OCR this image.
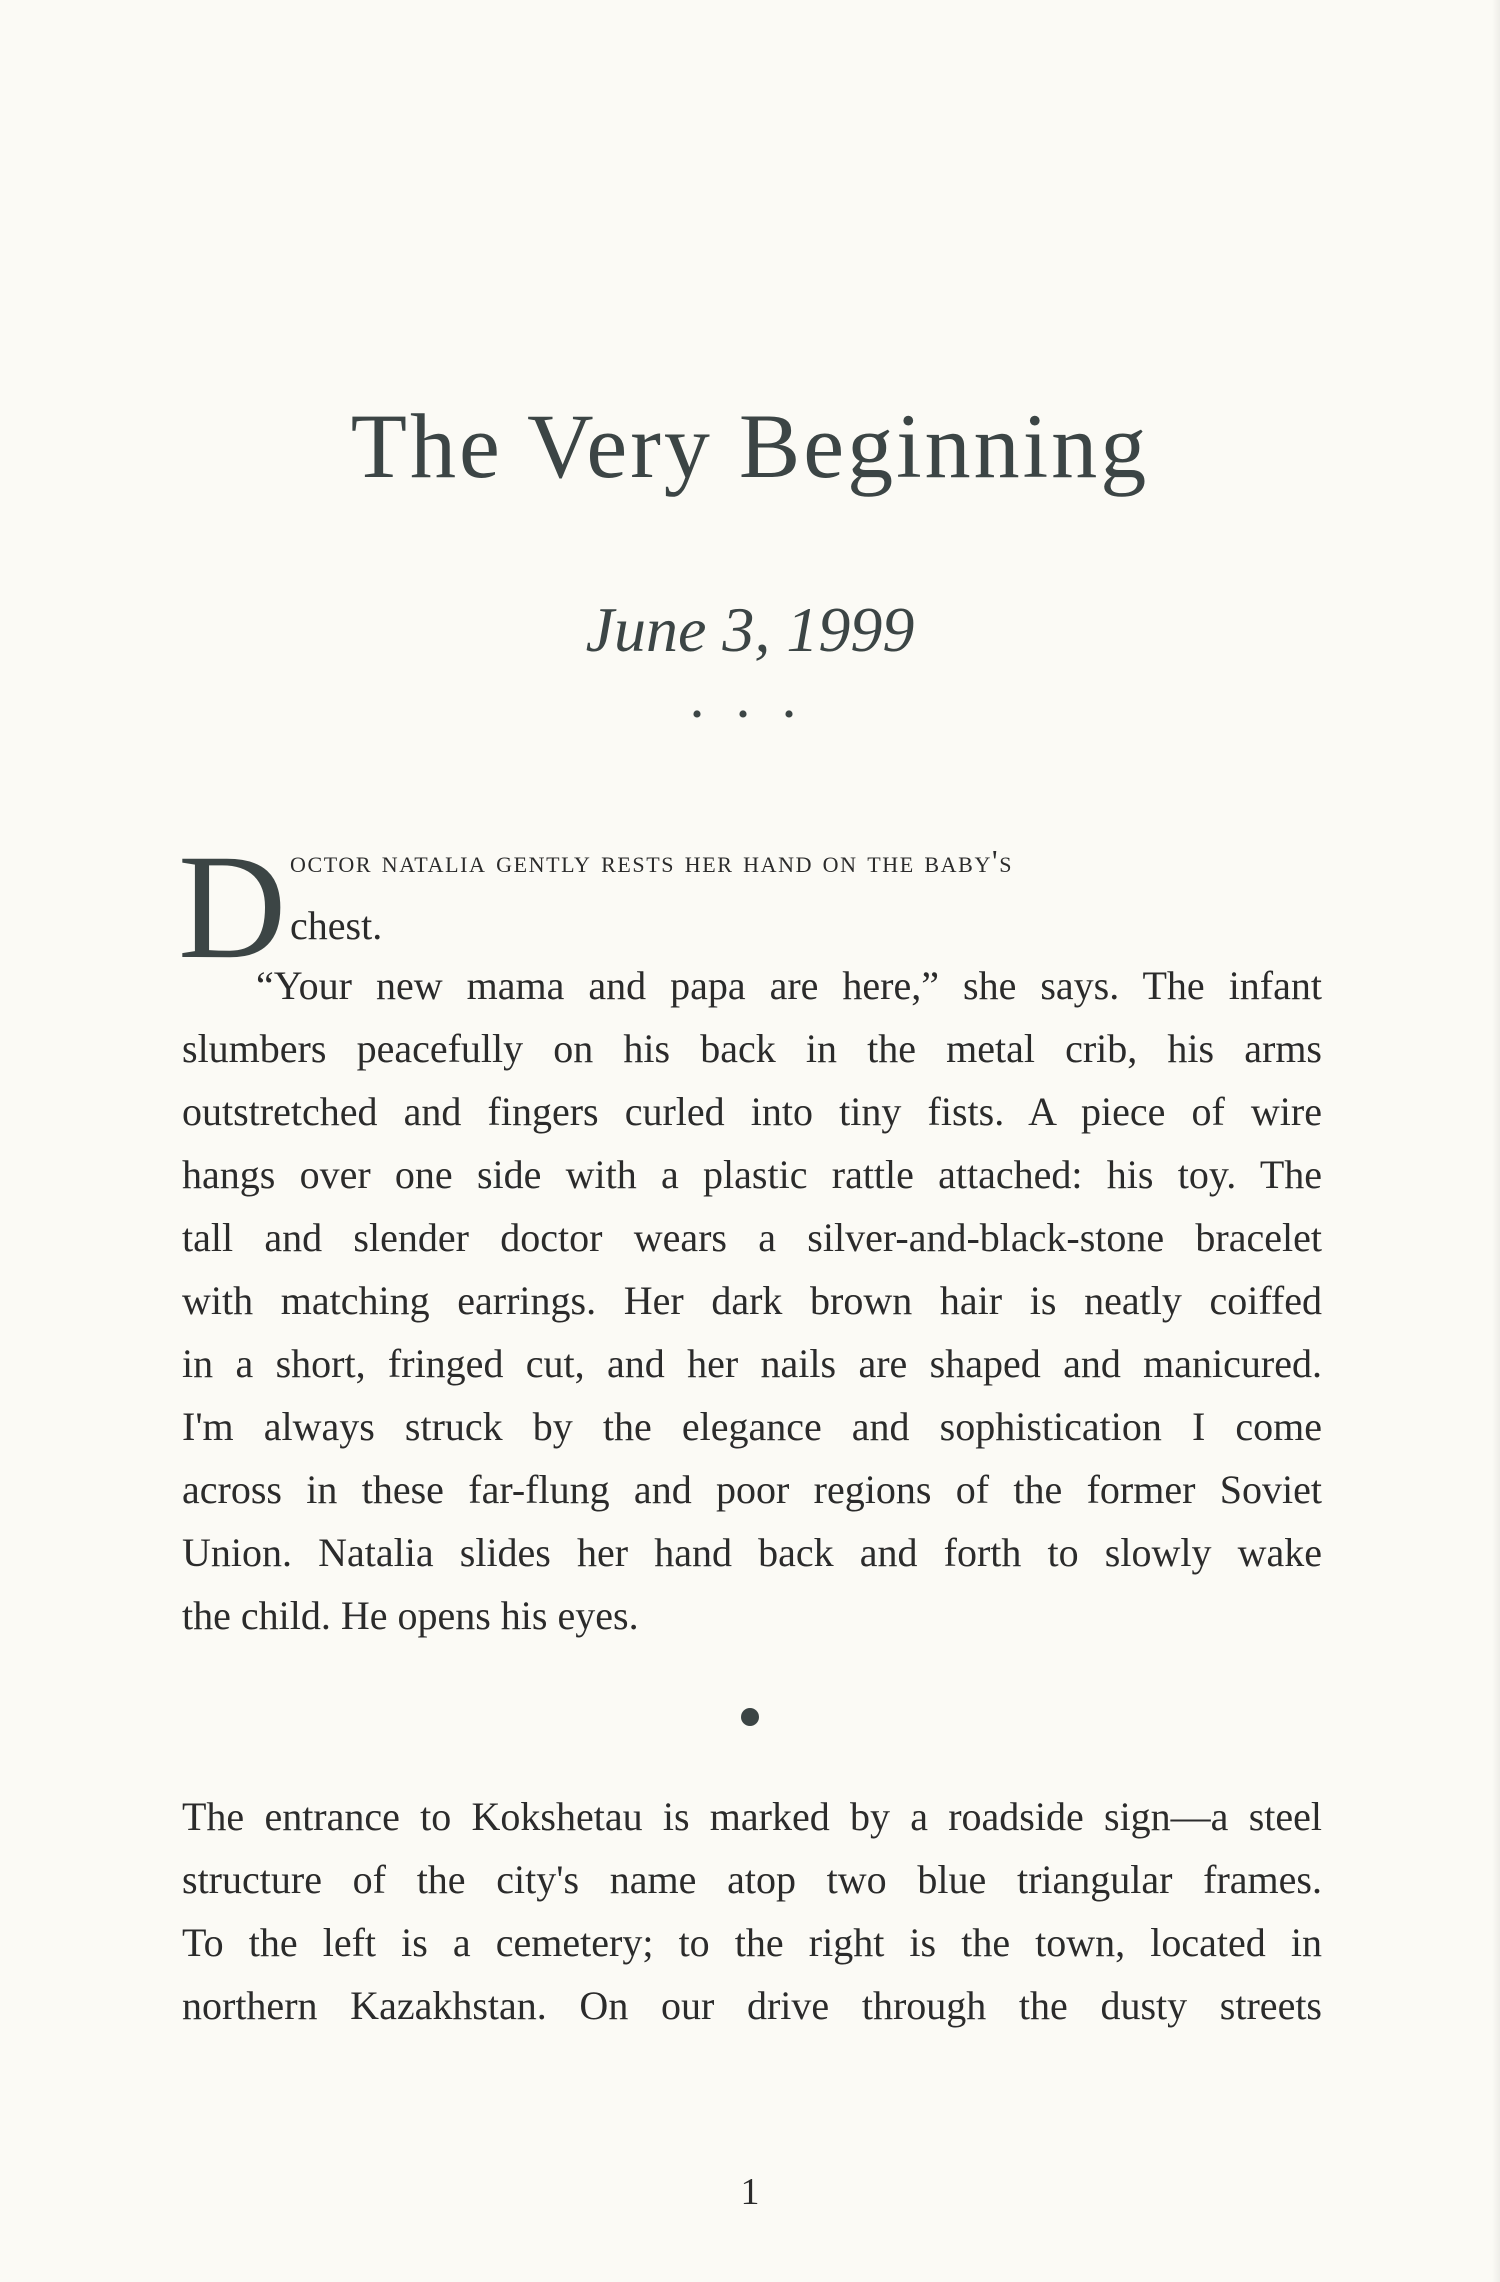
The Very Beginning
June 3, 1999
• • •
D octor natalia gently rests her hand on the baby's
chest.
“Your new mama and papa are here,” she says. The infant
slumbers peacefully on his back in the metal crib, his arms
outstretched and fingers curled into tiny fists. A piece of wire
hangs over one side with a plastic rattle attached: his toy. The
tall and slender doctor wears a silver-and-black-stone bracelet
with matching earrings. Her dark brown hair is neatly coiffed
in a short, fringed cut, and her nails are shaped and manicured.
I'm always struck by the elegance and sophistication I come
across in these far-flung and poor regions of the former Soviet
Union. Natalia slides her hand back and forth to slowly wake
the child. He opens his eyes.
The entrance to Kokshetau is marked by a roadside sign—a steel
structure of the city's name atop two blue triangular frames.
To the left is a cemetery; to the right is the town, located in
northern Kazakhstan. On our drive through the dusty streets
1
